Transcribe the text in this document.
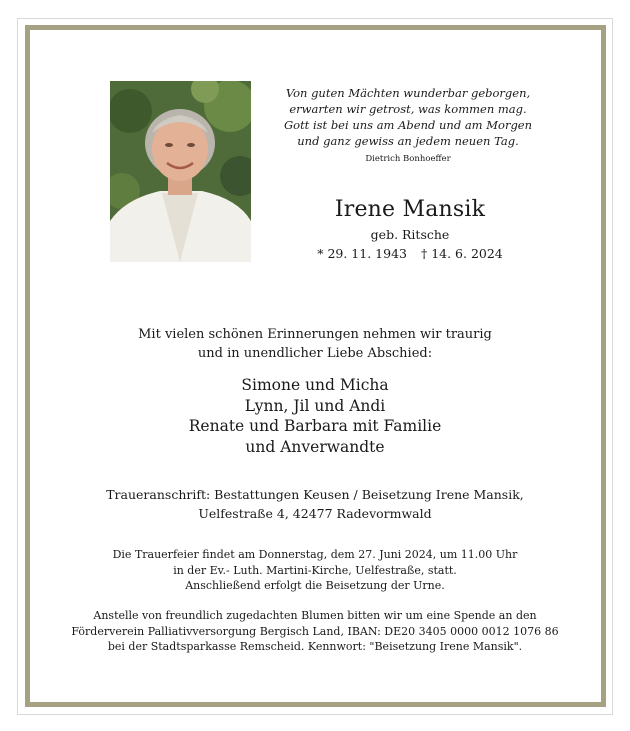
Von guten Mächten wunderbar geborgen,
erwarten wir getrost, was kommen mag.
Gott ist bei uns am Abend und am Morgen
und ganz gewiss an jedem neuen Tag.
Dietrich Bonhoeffer
Irene Mansik
geb. Ritsche
* 29. 11. 1943 † 14. 6. 2024
Mit vielen schönen Erinnerungen nehmen wir traurig
und in unendlicher Liebe Abschied:
Simone und Micha
Lynn, Jil und Andi
Renate und Barbara mit Familie
und Anverwandte
Traueranschrift: Bestattungen Keusen / Beisetzung Irene Mansik,
Uelfestraße 4, 42477 Radevormwald
Die Trauerfeier findet am Donnerstag, dem 27. Juni 2024, um 11.00 Uhr
in der Ev.- Luth. Martini-Kirche, Uelfestraße, statt.
Anschließend erfolgt die Beisetzung der Urne.
Anstelle von freundlich zugedachten Blumen bitten wir um eine Spende an den
Förderverein Palliativversorgung Bergisch Land, IBAN: DE20 3405 0000 0012 1076 86
bei der Stadtsparkasse Remscheid. Kennwort: "Beisetzung Irene Mansik".
